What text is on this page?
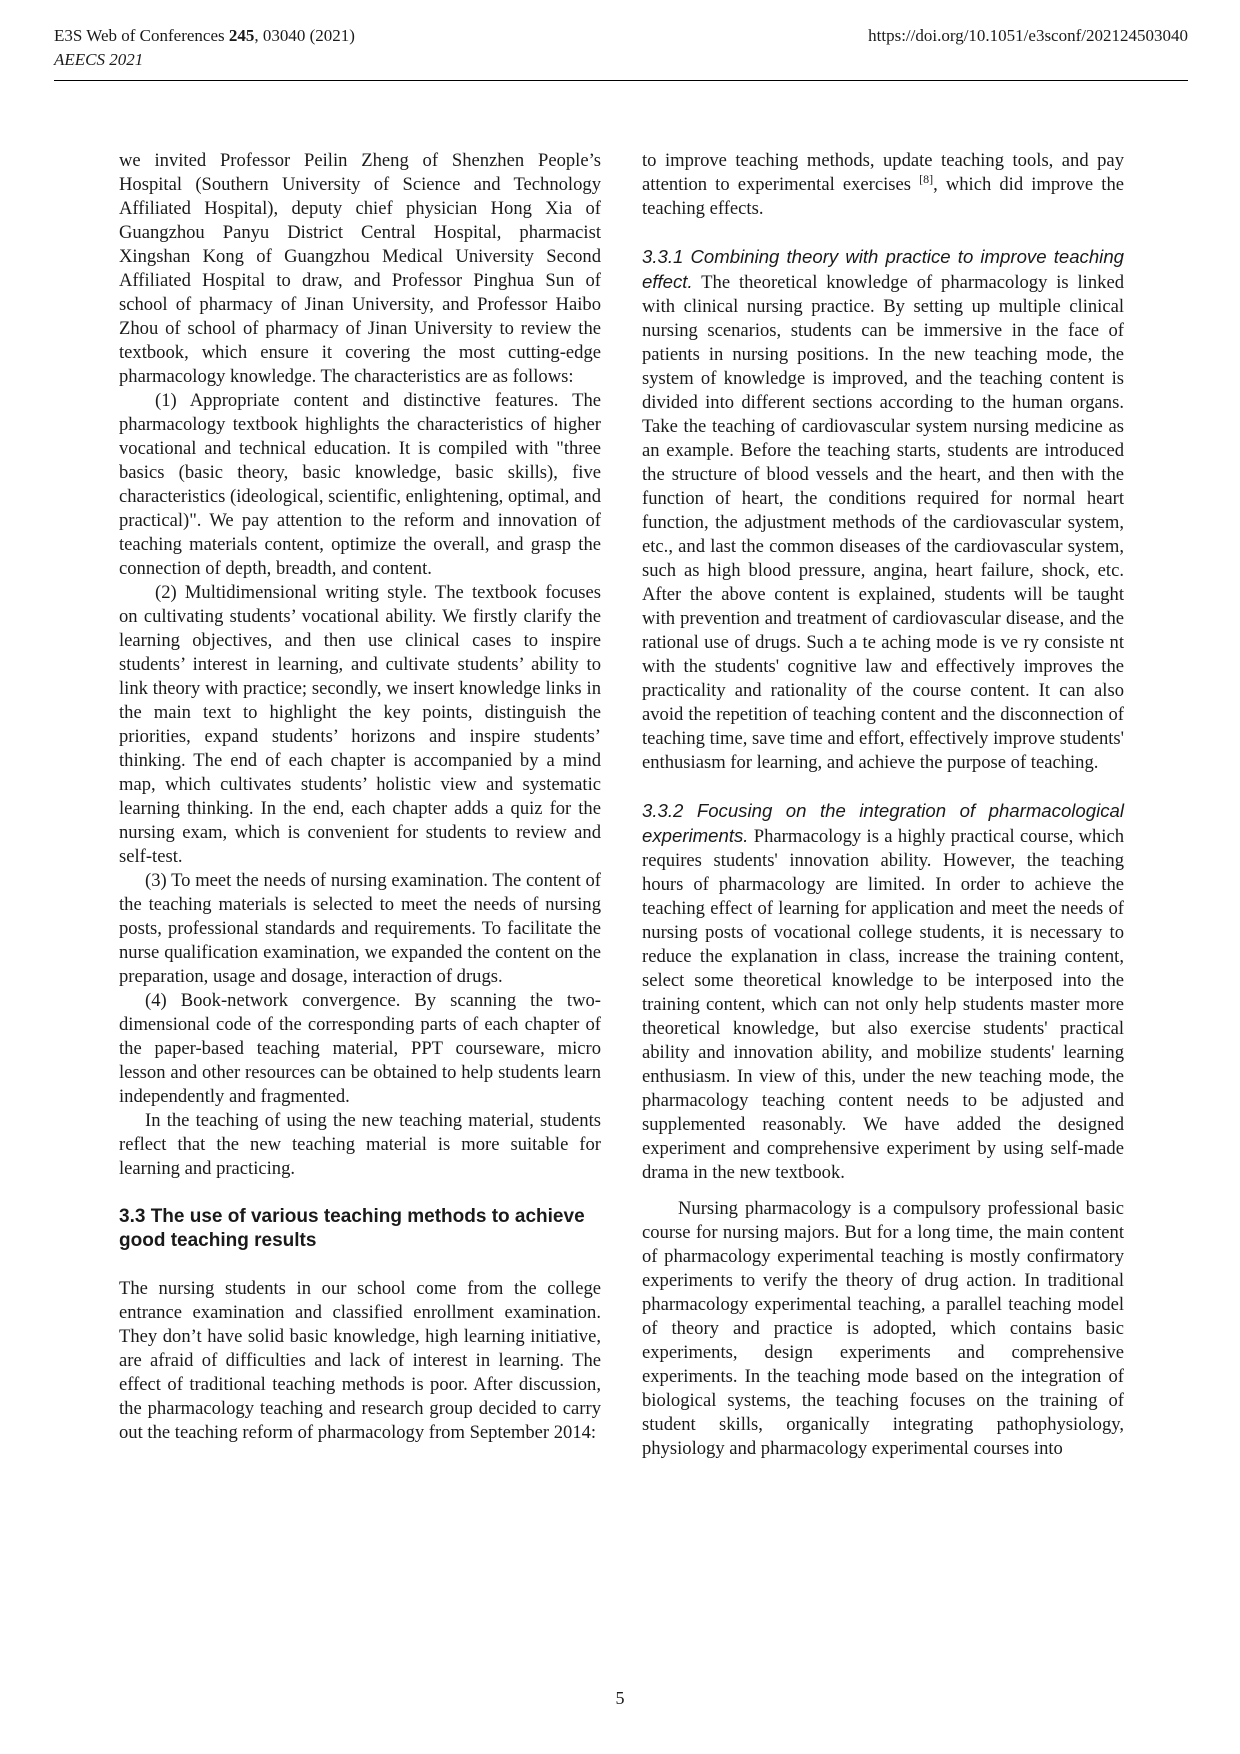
E3S Web of Conferences 245, 03040 (2021)
AEECS 2021
https://doi.org/10.1051/e3sconf/202124503040

we invited Professor Peilin Zheng of Shenzhen People’s Hospital (Southern University of Science and Technology Affiliated Hospital), deputy chief physician Hong Xia of Guangzhou Panyu District Central Hospital, pharmacist Xingshan Kong of Guangzhou Medical University Second Affiliated Hospital to draw, and Professor Pinghua Sun of school of pharmacy of Jinan University, and Professor Haibo Zhou of school of pharmacy of Jinan University to review the textbook, which ensure it covering the most cutting-edge pharmacology knowledge. The characteristics are as follows:

(1) Appropriate content and distinctive features. The pharmacology textbook highlights the characteristics of higher vocational and technical education. It is compiled with "three basics (basic theory, basic knowledge, basic skills), five characteristics (ideological, scientific, enlightening, optimal, and practical)". We pay attention to the reform and innovation of teaching materials content, optimize the overall, and grasp the connection of depth, breadth, and content.

(2) Multidimensional writing style. The textbook focuses on cultivating students’ vocational ability. We firstly clarify the learning objectives, and then use clinical cases to inspire students’ interest in learning, and cultivate students’ ability to link theory with practice; secondly, we insert knowledge links in the main text to highlight the key points, distinguish the priorities, expand students’ horizons and inspire students’ thinking. The end of each chapter is accompanied by a mind map, which cultivates students’ holistic view and systematic learning thinking. In the end, each chapter adds a quiz for the nursing exam, which is convenient for students to review and self-test.

(3) To meet the needs of nursing examination. The content of the teaching materials is selected to meet the needs of nursing posts, professional standards and requirements. To facilitate the nurse qualification examination, we expanded the content on the preparation, usage and dosage, interaction of drugs.

(4) Book-network convergence. By scanning the two-dimensional code of the corresponding parts of each chapter of the paper-based teaching material, PPT courseware, micro lesson and other resources can be obtained to help students learn independently and fragmented.

In the teaching of using the new teaching material, students reflect that the new teaching material is more suitable for learning and practicing.

3.3 The use of various teaching methods to achieve good teaching results

The nursing students in our school come from the college entrance examination and classified enrollment examination. They don’t have solid basic knowledge, high learning initiative, are afraid of difficulties and lack of interest in learning. The effect of traditional teaching methods is poor. After discussion, the pharmacology teaching and research group decided to carry out the teaching reform of pharmacology from September 2014:

to improve teaching methods, update teaching tools, and pay attention to experimental exercises [8], which did improve the teaching effects.

3.3.1 Combining theory with practice to improve teaching effect. The theoretical knowledge of pharmacology is linked with clinical nursing practice. By setting up multiple clinical nursing scenarios, students can be immersive in the face of patients in nursing positions. In the new teaching mode, the system of knowledge is improved, and the teaching content is divided into different sections according to the human organs. Take the teaching of cardiovascular system nursing medicine as an example. Before the teaching starts, students are introduced the structure of blood vessels and the heart, and then with the function of heart, the conditions required for normal heart function, the adjustment methods of the cardiovascular system, etc., and last the common diseases of the cardiovascular system, such as high blood pressure, angina, heart failure, shock, etc. After the above content is explained, students will be taught with prevention and treatment of cardiovascular disease, and the rational use of drugs. Such a te aching mode is ve ry consiste nt with the students' cognitive law and effectively improves the practicality and rationality of the course content. It can also avoid the repetition of teaching content and the disconnection of teaching time, save time and effort, effectively improve students' enthusiasm for learning, and achieve the purpose of teaching.

3.3.2 Focusing on the integration of pharmacological experiments. Pharmacology is a highly practical course, which requires students' innovation ability. However, the teaching hours of pharmacology are limited. In order to achieve the teaching effect of learning for application and meet the needs of nursing posts of vocational college students, it is necessary to reduce the explanation in class, increase the training content, select some theoretical knowledge to be interposed into the training content, which can not only help students master more theoretical knowledge, but also exercise students' practical ability and innovation ability, and mobilize students' learning enthusiasm. In view of this, under the new teaching mode, the pharmacology teaching content needs to be adjusted and supplemented reasonably. We have added the designed experiment and comprehensive experiment by using self-made drama in the new textbook.

Nursing pharmacology is a compulsory professional basic course for nursing majors. But for a long time, the main content of pharmacology experimental teaching is mostly confirmatory experiments to verify the theory of drug action. In traditional pharmacology experimental teaching, a parallel teaching model of theory and practice is adopted, which contains basic experiments, design experiments and comprehensive experiments. In the teaching mode based on the integration of biological systems, the teaching focuses on the training of student skills, organically integrating pathophysiology, physiology and pharmacology experimental courses into

5
